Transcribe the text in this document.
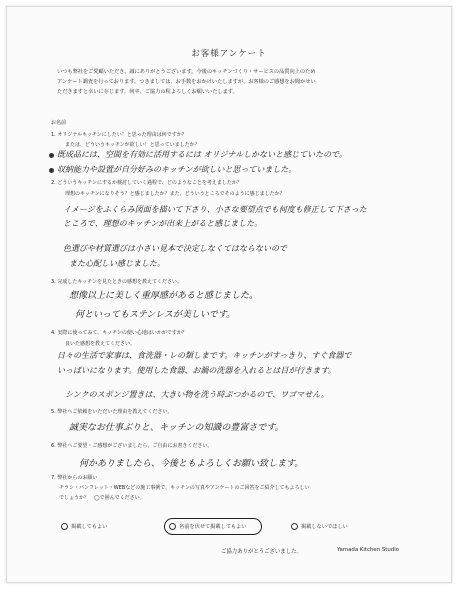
お客様アンケート
いつも弊社をご愛顧いただき、誠にありがとうございます。今後のキッチンづくり・サービスの品質向上のため
アンケート調査を行っております。つきましては、お手数をおかけいたしますが、お客様のご感想をお聞かせい
ただきますと幸いに存じます。何卒、ご協力の程よろしくお願いいたします。
お名前
1. オリジナルキッチンにしたい！と思った理由は何ですか？
または、どういうキッチンが欲しい！と思っていましたか？
既成品には、空間を有効に活用するには オリジナルしかないと感じていたので。
収納能力や設置が自分好みのキッチンが欲しいと思っていました。
2. どういうキッチンにするか検討していく過程で、どのようなことを考えましたか？
理想のキッチンになりそう？と感じましたか？また、どういうところでそのように感じましたか？
イメージをふくらみ図面を描いて下さり、小さな要望点でも何度も修正して下さった
ところで、理想のキッチンが出来上がると感じました。
色選びや材質選びは小さい見本で決定しなくてはならないので
また心配しい感じました。
3. 完成したキッチンを見たときの感想を教えてください。
想像以上に美しく重厚感があると感じました。
何といってもステンレスが美しいです。
4. 実際に使ってみて、キッチンの使い心地はいかがですか？
良いた感想を教えてください。
日々の生活で家事は、食洗器・レの類しまです。キッチンがすっきり、すぐ食器で
いっぱいになります。使用した食器、お鍋の洗器を入れるとは目が行きます。
シンクのスポンジ置きは、大きい物を洗う時ぶつかるので、ワゴマせん。
5. 弊社へご依頼をいただいた理由を教えてください。
誠実なお仕事ぶりと、キッチンの知識の豊富さです。
6. 弊社へご要望・ご感想がございましたら、ご自由にお書きください。
何かありましたら、今後ともよろしくお願い致します。
7. 弊社からのお願い
チラシ・パンフレット・WEBなどの施工事例で、キッチンの写真やアンケートのご回答をご紹介してもよろしい
でしょうか？　◯で囲んでください。
掲載してもよい	名前を伏せて掲載してもよい	掲載しないでほしい
ご協力ありがとうございました。	Yamada Kitchen Studio
